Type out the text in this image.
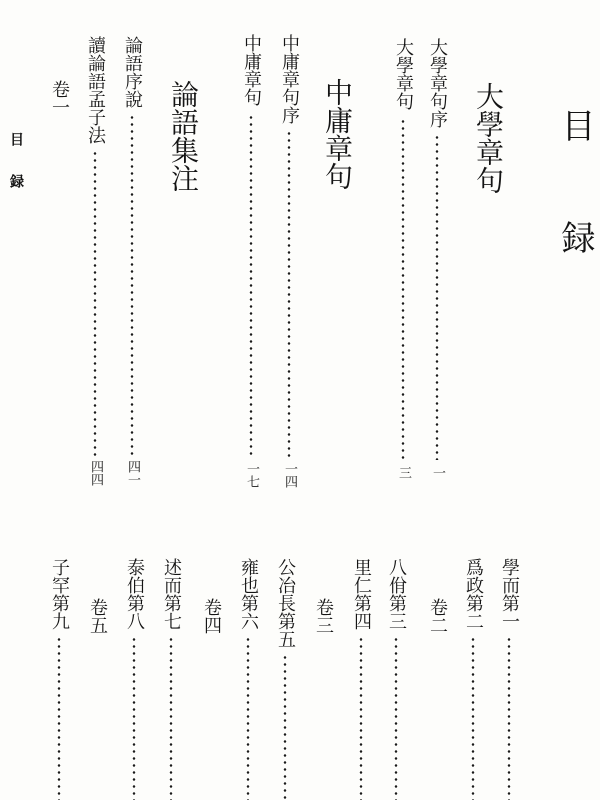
目録
目録	大學章句
大學章句序
一
大學章句
三
中庸章句
中庸章句序
一四
中庸章句
一七
論語集注
論語序說
四一
讀論語孟子法
四四
卷一
學而第一
爲政第二
卷二
八佾第三
里仁第四
卷三
公冶長第五
雍也第六
卷四
述而第七
泰伯第八
卷五
子罕第九
